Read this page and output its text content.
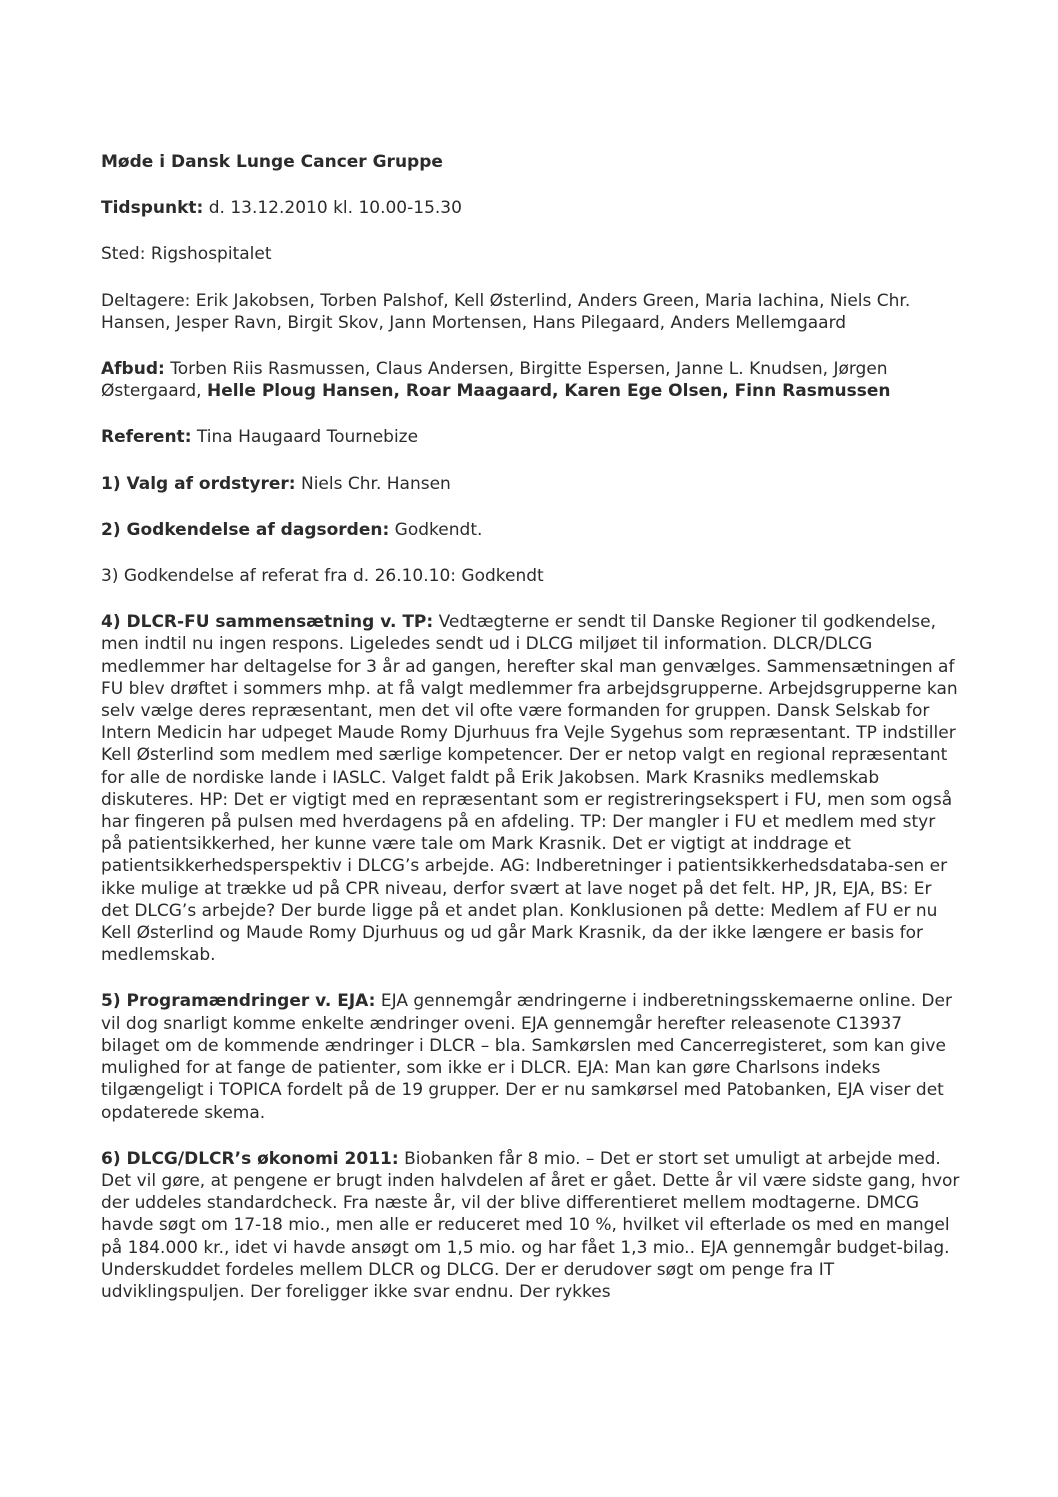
Møde i Dansk Lunge Cancer Gruppe

Tidspunkt: d. 13.12.2010 kl. 10.00-15.30

Sted: Rigshospitalet

Deltagere: Erik Jakobsen, Torben Palshof, Kell Østerlind, Anders Green, Maria Iachina, Niels Chr. Hansen, Jesper Ravn, Birgit Skov, Jann Mortensen, Hans Pilegaard, Anders Mellemgaard

Afbud: Torben Riis Rasmussen, Claus Andersen, Birgitte Espersen, Janne L. Knudsen, Jørgen Østergaard, Helle Ploug Hansen, Roar Maagaard, Karen Ege Olsen, Finn Rasmussen

Referent: Tina Haugaard Tournebize

1) Valg af ordstyrer: Niels Chr. Hansen

2) Godkendelse af dagsorden: Godkendt.

3) Godkendelse af referat fra d. 26.10.10: Godkendt

4) DLCR-FU sammensætning v. TP: Vedtægterne er sendt til Danske Regioner til godkendelse, men indtil nu ingen respons. Ligeledes sendt ud i DLCG miljøet til information. DLCR/DLCG medlemmer har deltagelse for 3 år ad gangen, herefter skal man genvælges. Sammensætningen af FU blev drøftet i sommers mhp. at få valgt medlemmer fra arbejdsgrupperne. Arbejdsgrupperne kan selv vælge deres repræsentant, men det vil ofte være formanden for gruppen. Dansk Selskab for Intern Medicin har udpeget Maude Romy Djurhuus fra Vejle Sygehus som repræsentant. TP indstiller Kell Østerlind som medlem med særlige kompetencer. Der er netop valgt en regional repræsentant for alle de nordiske lande i IASLC. Valget faldt på Erik Jakobsen. Mark Krasniks medlemskab diskuteres. HP: Det er vigtigt med en repræsentant som er registreringsekspert i FU, men som også har fingeren på pulsen med hverdagens på en afdeling. TP: Der mangler i FU et medlem med styr på patientsikkerhed, her kunne være tale om Mark Krasnik. Det er vigtigt at inddrage et patientsikkerhedsperspektiv i DLCG’s arbejde. AG: Indberetninger i patientsikkerhedsdataba-sen er ikke mulige at trække ud på CPR niveau, derfor svært at lave noget på det felt. HP, JR, EJA, BS: Er det DLCG’s arbejde? Der burde ligge på et andet plan. Konklusionen på dette: Medlem af FU er nu Kell Østerlind og Maude Romy Djurhuus og ud går Mark Krasnik, da der ikke længere er basis for medlemskab.

5) Programændringer v. EJA: EJA gennemgår ændringerne i indberetningsskemaerne online. Der vil dog snarligt komme enkelte ændringer oveni. EJA gennemgår herefter releasenote C13937 bilaget om de kommende ændringer i DLCR – bla. Samkørslen med Cancerregisteret, som kan give mulighed for at fange de patienter, som ikke er i DLCR. EJA: Man kan gøre Charlsons indeks tilgængeligt i TOPICA fordelt på de 19 grupper. Der er nu samkørsel med Patobanken, EJA viser det opdaterede skema.

6) DLCG/DLCR’s økonomi 2011: Biobanken får 8 mio. – Det er stort set umuligt at arbejde med. Det vil gøre, at pengene er brugt inden halvdelen af året er gået. Dette år vil være sidste gang, hvor der uddeles standardcheck. Fra næste år, vil der blive differentieret mellem modtagerne. DMCG havde søgt om 17-18 mio., men alle er reduceret med 10 %, hvilket vil efterlade os med en mangel på 184.000 kr., idet vi havde ansøgt om 1,5 mio. og har fået 1,3 mio.. EJA gennemgår budget-bilag. Underskuddet fordeles mellem DLCR og DLCG. Der er derudover søgt om penge fra IT udviklingspuljen. Der foreligger ikke svar endnu. Der rykkes
